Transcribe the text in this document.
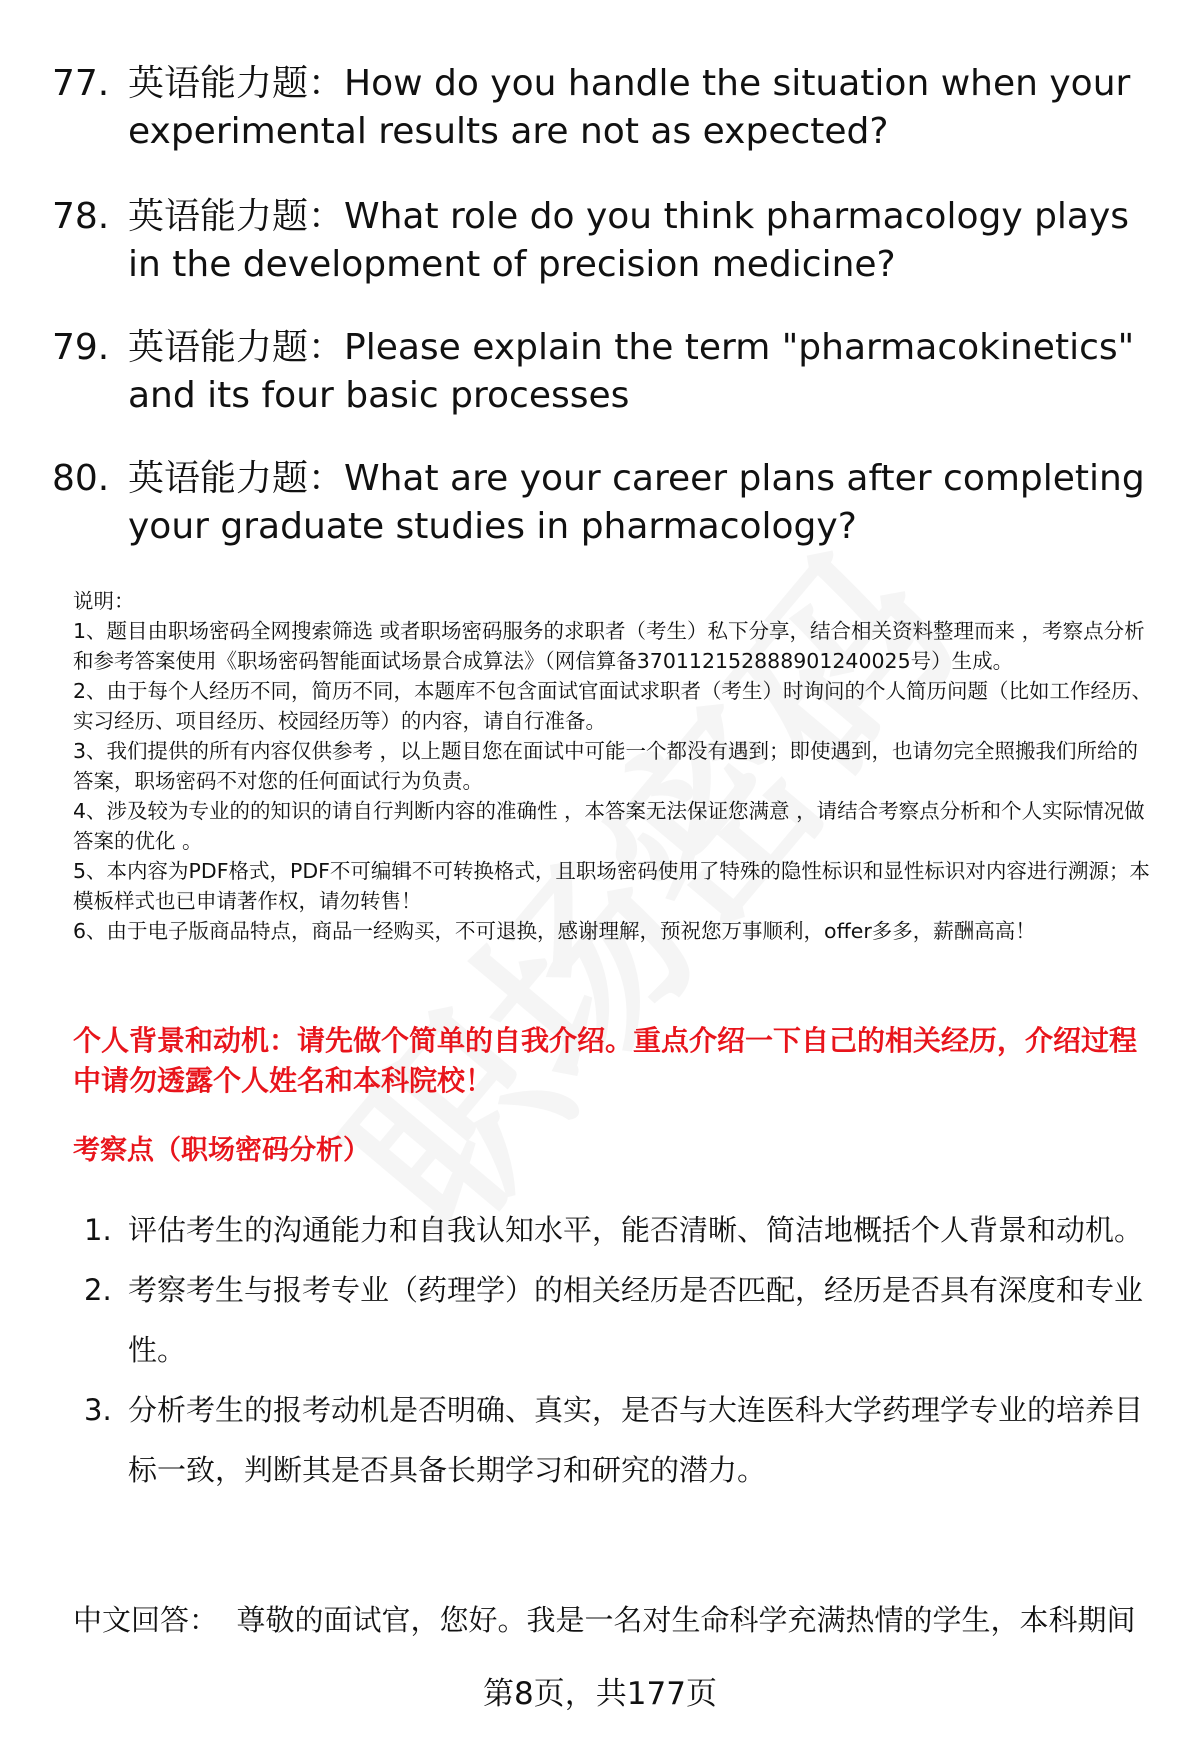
77. 英语能力题：How do you handle the situation when your experimental results are not as expected?
78. 英语能力题：What role do you think pharmacology plays in the development of precision medicine?
79. 英语能力题：Please explain the term "pharmacokinetics" and its four basic processes
80. 英语能力题：What are your career plans after completing your graduate studies in pharmacology?
说明：
1、题目由职场密码全网搜索筛选 或者职场密码服务的求职者（考生）私下分享，结合相关资料整理而来 ，考察点分析和参考答案使用《职场密码智能面试场景合成算法》（网信算备370112152888901240025号）生成。
2、由于每个人经历不同，简历不同，本题库不包含面试官面试求职者（考生）时询问的个人简历问题（比如工作经历、实习经历、项目经历、校园经历等）的内容，请自行准备。
3、我们提供的所有内容仅供参考 ，以上题目您在面试中可能一个都没有遇到；即使遇到，也请勿完全照搬我们所给的答案，职场密码不对您的任何面试行为负责。
4、涉及较为专业的的知识的请自行判断内容的准确性 ，本答案无法保证您满意 ，请结合考察点分析和个人实际情况做答案的优化 。
5、本内容为PDF格式，PDF不可编辑不可转换格式，且职场密码使用了特殊的隐性标识和显性标识对内容进行溯源；本模板样式也已申请著作权，请勿转售！
6、由于电子版商品特点，商品一经购买，不可退换，感谢理解，预祝您万事顺利，offer多多，薪酬高高！
个人背景和动机：请先做个简单的自我介绍。重点介绍一下自己的相关经历，介绍过程中请勿透露个人姓名和本科院校！
考察点（职场密码分析）
1. 评估考生的沟通能力和自我认知水平，能否清晰、简洁地概括个人背景和动机。
2. 考察考生与报考专业（药理学）的相关经历是否匹配，经历是否具有深度和专业性。
3. 分析考生的报考动机是否明确、真实，是否与大连医科大学药理学专业的培养目标一致，判断其是否具备长期学习和研究的潜力。
中文回答： 尊敬的面试官，您好。我是一名对生命科学充满热情的学生，本科期间
第8页，共177页
